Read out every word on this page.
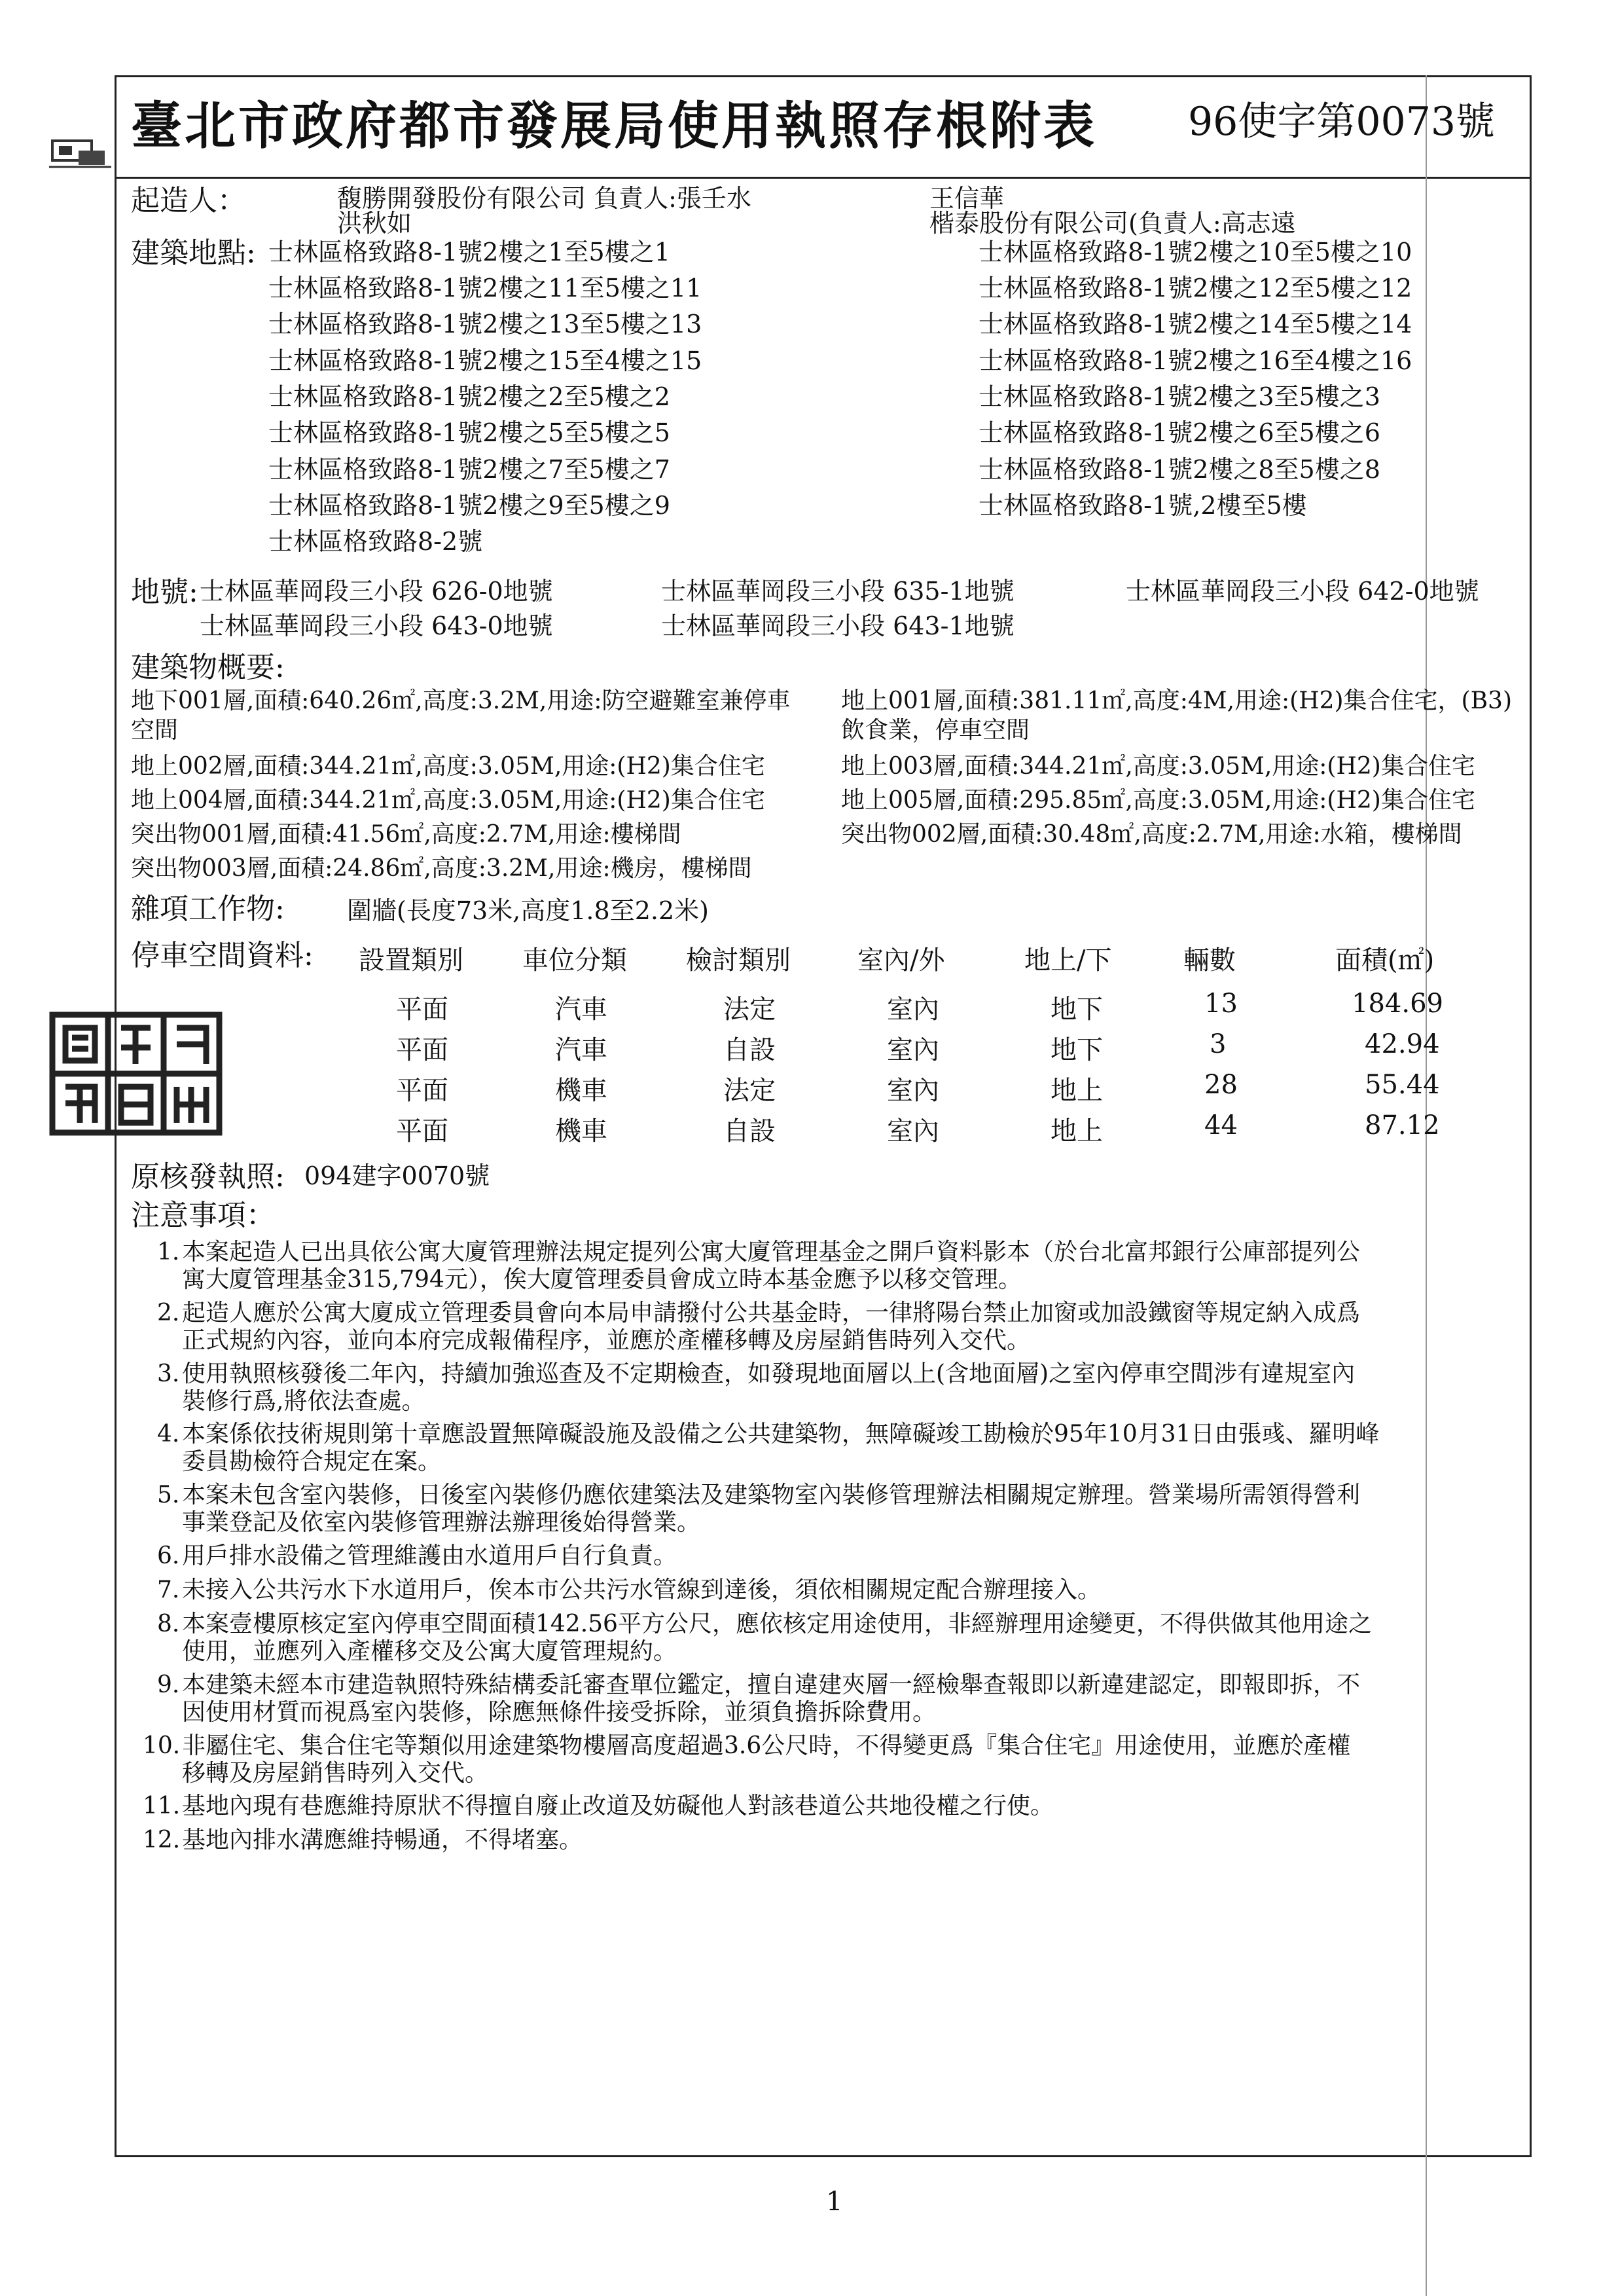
臺北市政府都市發展局使用執照存根附表 96使字第0073號
起造人：	馥勝開發股份有限公司 負責人:張壬水	王信華
洪秋如	楷泰股份有限公司(負責人:高志遠
建築地點: 士林區格致路8-1號2樓之1至5樓之1
士林區格致路8-1號2樓之11至5樓之11
士林區格致路8-1號2樓之13至5樓之13
士林區格致路8-1號2樓之15至4樓之15
士林區格致路8-1號2樓之2至5樓之2
士林區格致路8-1號2樓之5至5樓之5
士林區格致路8-1號2樓之7至5樓之7
士林區格致路8-1號2樓之9至5樓之9
士林區格致路8-2號
士林區格致路8-1號2樓之10至5樓之10
士林區格致路8-1號2樓之12至5樓之12
士林區格致路8-1號2樓之14至5樓之14
士林區格致路8-1號2樓之16至4樓之16
士林區格致路8-1號2樓之3至5樓之3
士林區格致路8-1號2樓之6至5樓之6
士林區格致路8-1號2樓之8至5樓之8
士林區格致路8-1號,2樓至5樓
地號: 士林區華岡段三小段 626-0地號	士林區華岡段三小段 635-1地號	士林區華岡段三小段 642-0地號
士林區華岡段三小段 643-0地號	士林區華岡段三小段 643-1地號
建築物概要:
地下001層,面積:640.26㎡,高度:3.2M,用途:防空避難室兼停車
空間
地上001層,面積:381.11㎡,高度:4M,用途:(H2)集合住宅，(B3)
飲食業，停車空間
地上002層,面積:344.21㎡,高度:3.05M,用途:(H2)集合住宅	地上003層,面積:344.21㎡,高度:3.05M,用途:(H2)集合住宅
地上004層,面積:344.21㎡,高度:3.05M,用途:(H2)集合住宅	地上005層,面積:295.85㎡,高度:3.05M,用途:(H2)集合住宅
突出物001層,面積:41.56㎡,高度:2.7M,用途:樓梯間	突出物002層,面積:30.48㎡,高度:2.7M,用途:水箱，樓梯間
突出物003層,面積:24.86㎡,高度:3.2M,用途:機房，樓梯間
雜項工作物:	圍牆(長度73米,高度1.8至2.2米)
停車空間資料: 設置類別 車位分類 檢討類別	室內/外	地上/下	輛數	面積(㎡)
平面	汽車	法定	室內	地下	13	184.69
平面	汽車	自設	室內	地下	3	42.94
平面	機車	法定	室內	地上	28	55.44
平面	機車	自設	室內	地上	44	87.12
原核發執照: 094建字0070號
注意事項：
1. 本案起造人已出具依公寓大廈管理辦法規定提列公寓大廈管理基金之開戶資料影本（於台北富邦銀行公庫部提列公
寓大廈管理基金315,794元），俟大廈管理委員會成立時本基金應予以移交管理。
2. 起造人應於公寓大廈成立管理委員會向本局申請撥付公共基金時，一律將陽台禁止加窗或加設鐵窗等規定納入成爲
正式規約內容，並向本府完成報備程序，並應於產權移轉及房屋銷售時列入交代。
3. 使用執照核發後二年內，持續加強巡查及不定期檢查，如發現地面層以上(含地面層)之室內停車空間涉有違規室內
裝修行爲,將依法查處。
4. 本案係依技術規則第十章應設置無障礙設施及設備之公共建築物，無障礙竣工勘檢於95年10月31日由張彧、羅明峰
委員勘檢符合規定在案。
5. 本案未包含室內裝修，日後室內裝修仍應依建築法及建築物室內裝修管理辦法相關規定辦理。營業場所需領得營利
事業登記及依室內裝修管理辦法辦理後始得營業。
6. 用戶排水設備之管理維護由水道用戶自行負責。
7. 未接入公共污水下水道用戶，俟本市公共污水管線到達後，須依相關規定配合辦理接入。
8. 本案壹樓原核定室內停車空間面積142.56平方公尺，應依核定用途使用，非經辦理用途變更，不得供做其他用途之
使用，並應列入產權移交及公寓大廈管理規約。
9. 本建築未經本市建造執照特殊結構委託審查單位鑑定，擅自違建夾層一經檢舉查報即以新違建認定，即報即拆，不
因使用材質而視爲室內裝修，除應無條件接受拆除，並須負擔拆除費用。
10.非屬住宅、集合住宅等類似用途建築物樓層高度超過3.6公尺時，不得變更爲『集合住宅』用途使用，並應於產權
移轉及房屋銷售時列入交代。
11.基地內現有巷應維持原狀不得擅自廢止改道及妨礙他人對該巷道公共地役權之行使。
12.基地內排水溝應維持暢通，不得堵塞。
1
